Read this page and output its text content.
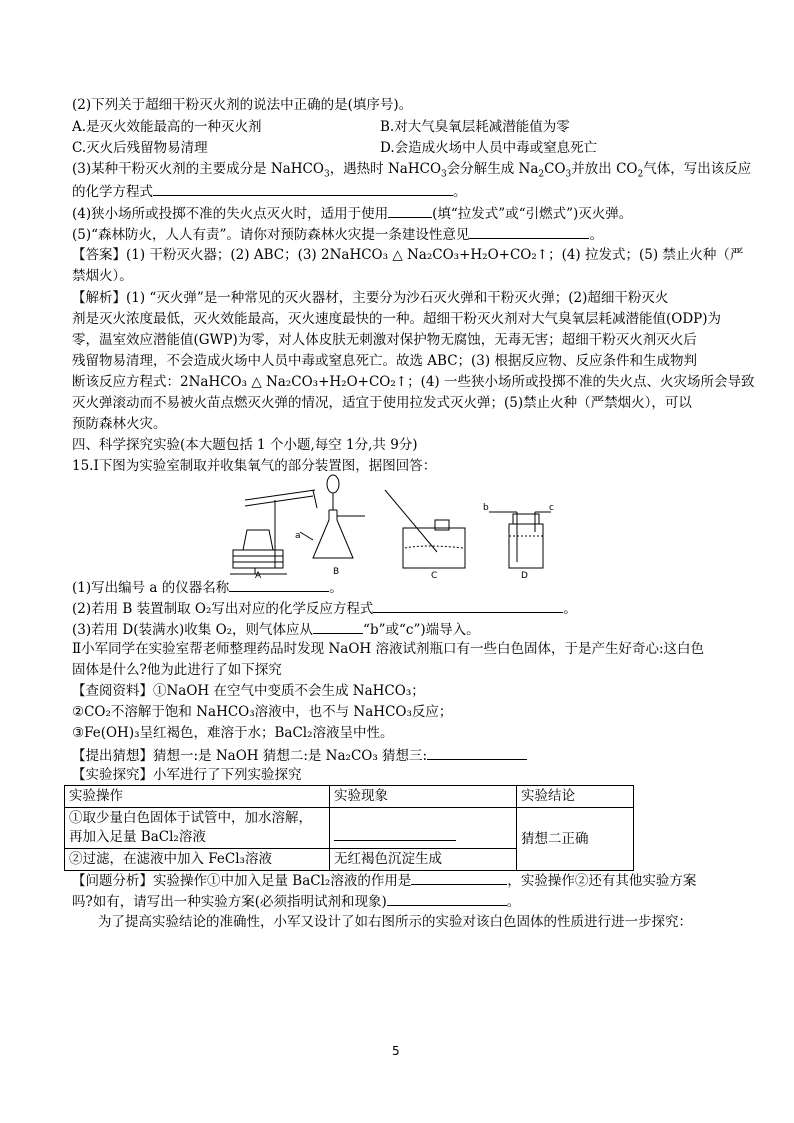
(2)下列关于超细干粉灭火剂的说法中正确的是(填序号)。
A.是灭火效能最高的一种灭火剂	B.对大气臭氧层耗减潜能值为零
C.灭火后残留物易清理	D.会造成火场中人员中毒或窒息死亡
(3)某种干粉灭火剂的主要成分是 NaHCO$_3$，遇热时 NaHCO$_3$会分解生成 $Na_2CO_3$并放出 $CO_2$气体，写出该反应
的化学方程式	。
(4)狭小场所或投掷不准的失火点灭火时，适用于使用	(填“拉发式”或“引燃式”)灭火弹。
(5)“森林防火，人人有责”。请你对预防森林火灾提一条建设性意见	。
【答案】(1) 干粉灭火器；(2) ABC；(3) 2NaHCO₃ △ Na₂CO₃+H₂O+CO₂↑；(4) 拉发式；(5) 禁止火种（严
禁烟火）。
【解析】(1) “灭火弹”是一种常见的灭火器材，主要分为沙石灭火弹和干粉灭火弹；(2)超细干粉灭火
剂是灭火浓度最低，灭火效能最高，灭火速度最快的一种。超细干粉灭火剂对大气臭氧层耗减潜能值(ODP)为
零，温室效应潜能值(GWP)为零，对人体皮肤无刺激对保护物无腐蚀，无毒无害；超细干粉灭火剂灭火后
残留物易清理，不会造成火场中人员中毒或窒息死亡。故选 ABC；(3) 根据反应物、反应条件和生成物判
断该反应方程式：2NaHCO₃ △ Na₂CO₃+H₂O+CO₂↑；(4) 一些狭小场所或投掷不准的失火点、火灾场所会导致
灭火弹滚动而不易被火苗点燃灭火弹的情况，适宜于使用拉发式灭火弹；(5)禁止火种（严禁烟火），可以
预防森林火灾。
四、科学探究实验(本大题包括 1 个小题,每空 1分,共 9分)
15.Ⅰ下图为实验室制取并收集氧气的部分装置图，据图回答：
A
a
B	C
b	c
D
(1)写出编号 a 的仪器名称	。
(2)若用 B 装置制取 O₂写出对应的化学反应方程式	。
(3)若用 D(装满水)收集 O₂，则气体应从	“b”或“c”)端导入。
Ⅱ小军同学在实验室帮老师整理药品时发现 NaOH 溶液试剂瓶口有一些白色固体，于是产生好奇心:这白色
固体是什么?他为此进行了如下探究
【查阅资料】①NaOH 在空气中变质不会生成 NaHCO₃；
②CO₂不溶解于饱和 NaHCO₃溶液中，也不与 NaHCO₃反应；
③Fe(OH)₃呈红褐色，难溶于水；BaCl₂溶液呈中性。
【提出猜想】猜想一:是 NaOH 猜想二:是 Na₂CO₃ 猜想三:
【实验探究】小军进行了下列实验探究
实验操作	实验现象	实验结论

①取少量白色固体于试管中，加水溶解，
再加入足量 BaCl₂溶液		猜想二正确
②过滤，在滤液中加入 FeCl₃溶液	无红褐色沉淀生成	
【问题分析】实验操作①中加入足量 BaCl₂溶液的作用是	，实验操作②还有其他实验方案
吗?如有，请写出一种实验方案(必须指明试剂和现象)	。
为了提高实验结论的准确性，小军又设计了如右图所示的实验对该白色固体的性质进行进一步探究：
5
